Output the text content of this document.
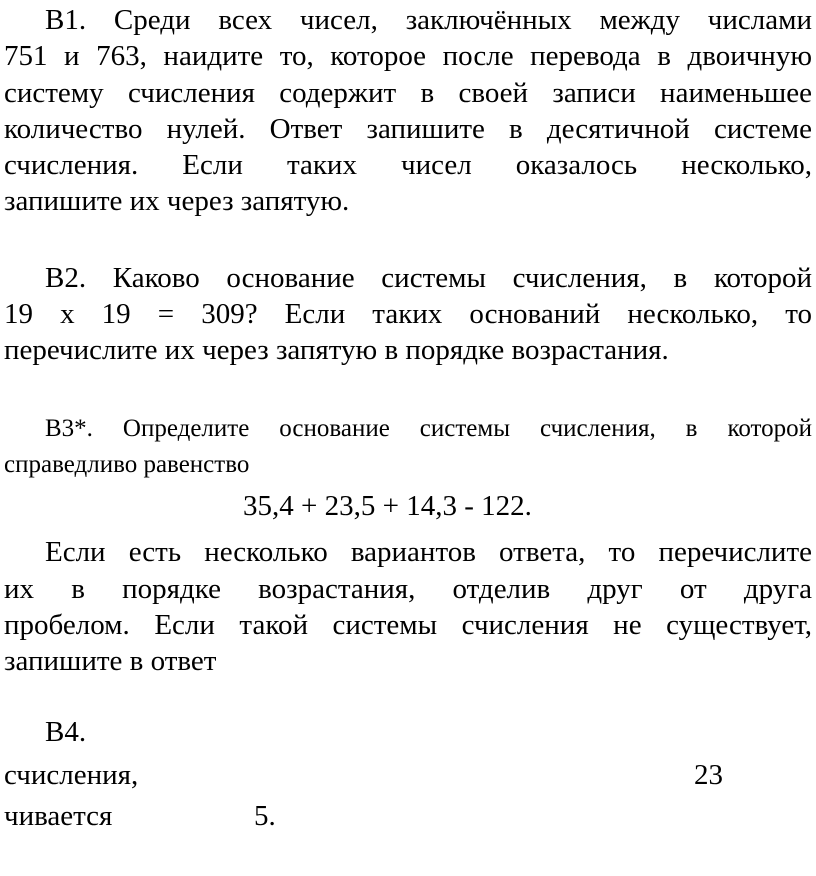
В1. Среди всех чисел, заключённых между числами
751 и 763, наидите то, которое после перевода в двоичную
систему счисления содержит в своей записи наименьшее
количество нулей. Ответ запишите в десятичной системе
счисления. Если таких чисел оказалось несколько,
запишите их через запятую.
В2. Каково основание системы счисления, в которой
19 х 19 = 309? Если таких оснований несколько, то
перечислите их через запятую в порядке возрастания.
В3*. Определите основание системы счисления, в которой
справедливо равенство
35,4 + 23,5 + 14,3 - 122.
Если есть несколько вариантов ответа, то перечислите
их в порядке возрастания, отделив друг от друга
пробелом. Если такой системы счисления не существует,
запишите в ответ
В4.
счисления,	23
чивается	5.
